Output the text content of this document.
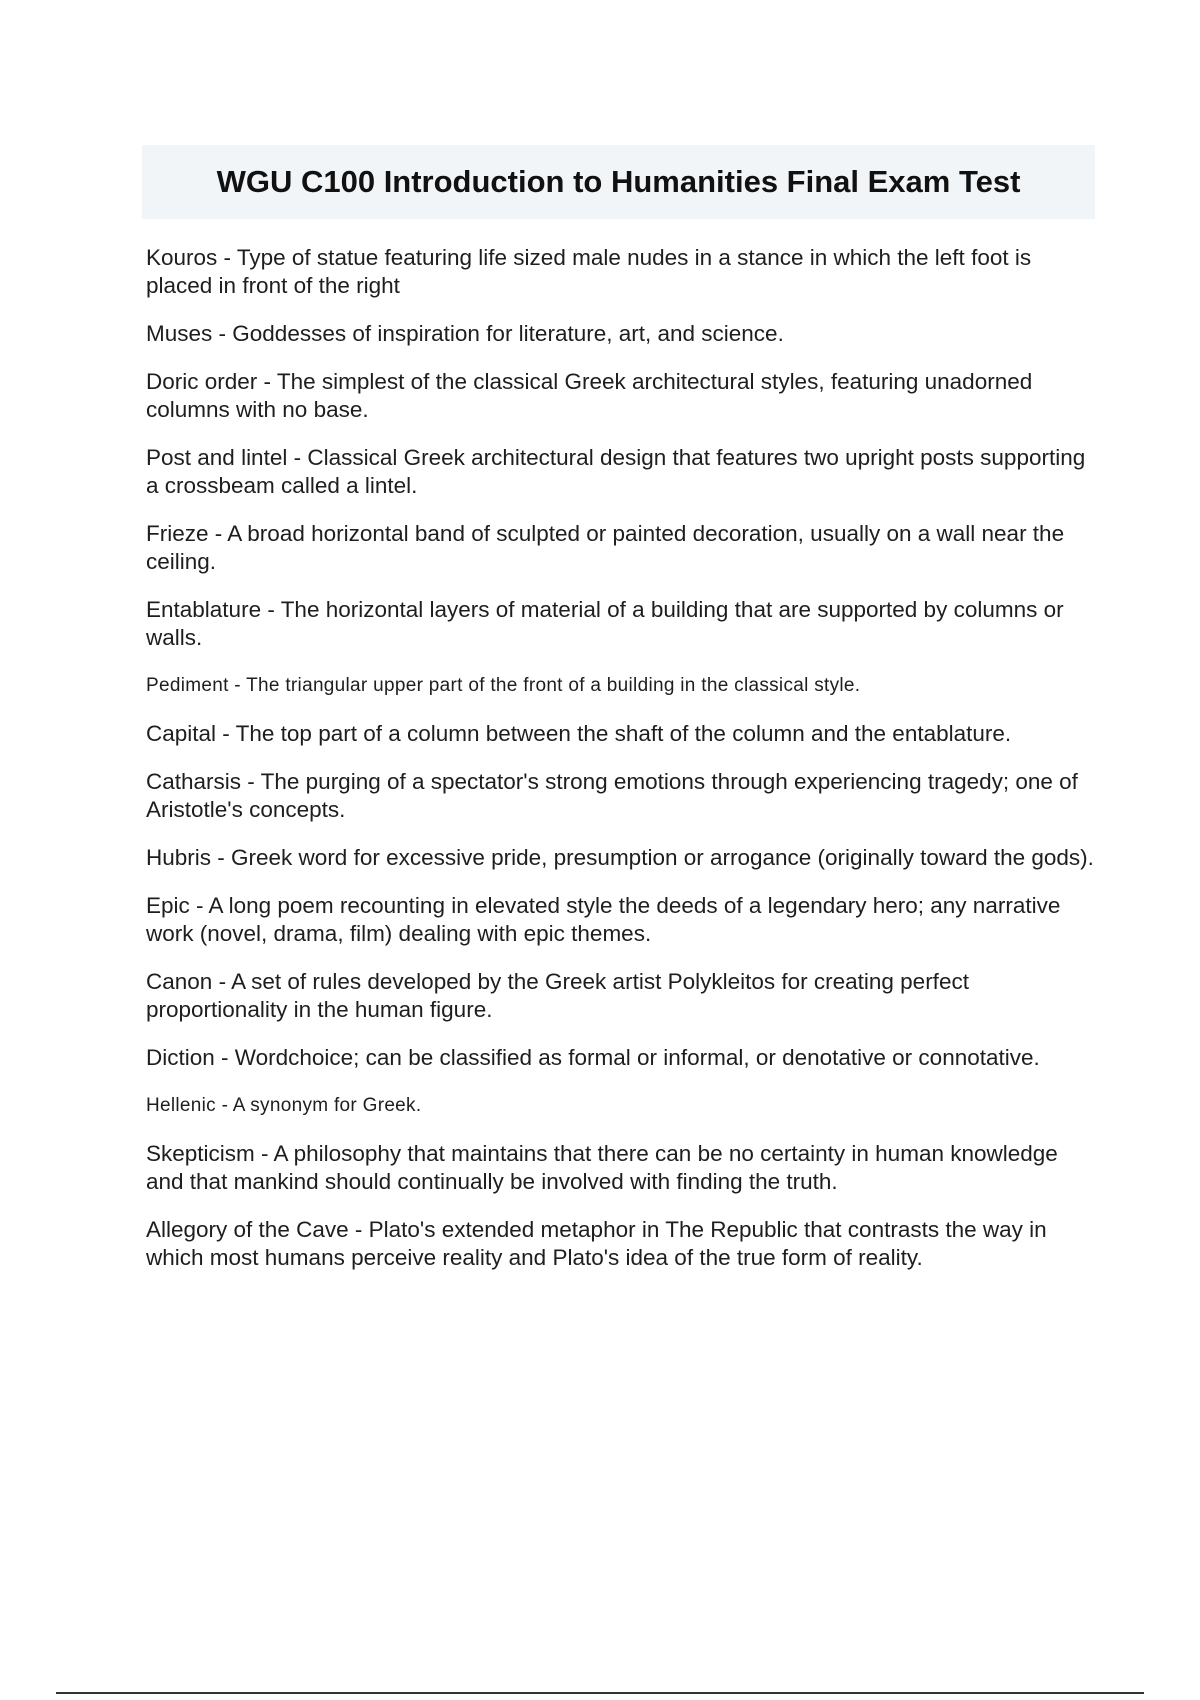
WGU C100 Introduction to Humanities Final Exam Test

Kouros - Type of statue featuring life sized male nudes in a stance in which the left foot is placed in front of the right

Muses - Goddesses of inspiration for literature, art, and science.

Doric order - The simplest of the classical Greek architectural styles, featuring unadorned columns with no base.

Post and lintel - Classical Greek architectural design that features two upright posts supporting a crossbeam called a lintel.

Frieze - A broad horizontal band of sculpted or painted decoration, usually on a wall near the ceiling.

Entablature - The horizontal layers of material of a building that are supported by columns or walls.

Pediment - The triangular upper part of the front of a building in the classical style.

Capital - The top part of a column between the shaft of the column and the entablature.

Catharsis - The purging of a spectator's strong emotions through experiencing tragedy; one of Aristotle's concepts.

Hubris - Greek word for excessive pride, presumption or arrogance (originally toward the gods).

Epic - A long poem recounting in elevated style the deeds of a legendary hero; any narrative work (novel, drama, film) dealing with epic themes.

Canon - A set of rules developed by the Greek artist Polykleitos for creating perfect proportionality in the human figure.

Diction - Wordchoice; can be classified as formal or informal, or denotative or connotative.

Hellenic - A synonym for Greek.

Skepticism - A philosophy that maintains that there can be no certainty in human knowledge and that mankind should continually be involved with finding the truth.

Allegory of the Cave - Plato's extended metaphor in The Republic that contrasts the way in which most humans perceive reality and Plato's idea of the true form of reality.
